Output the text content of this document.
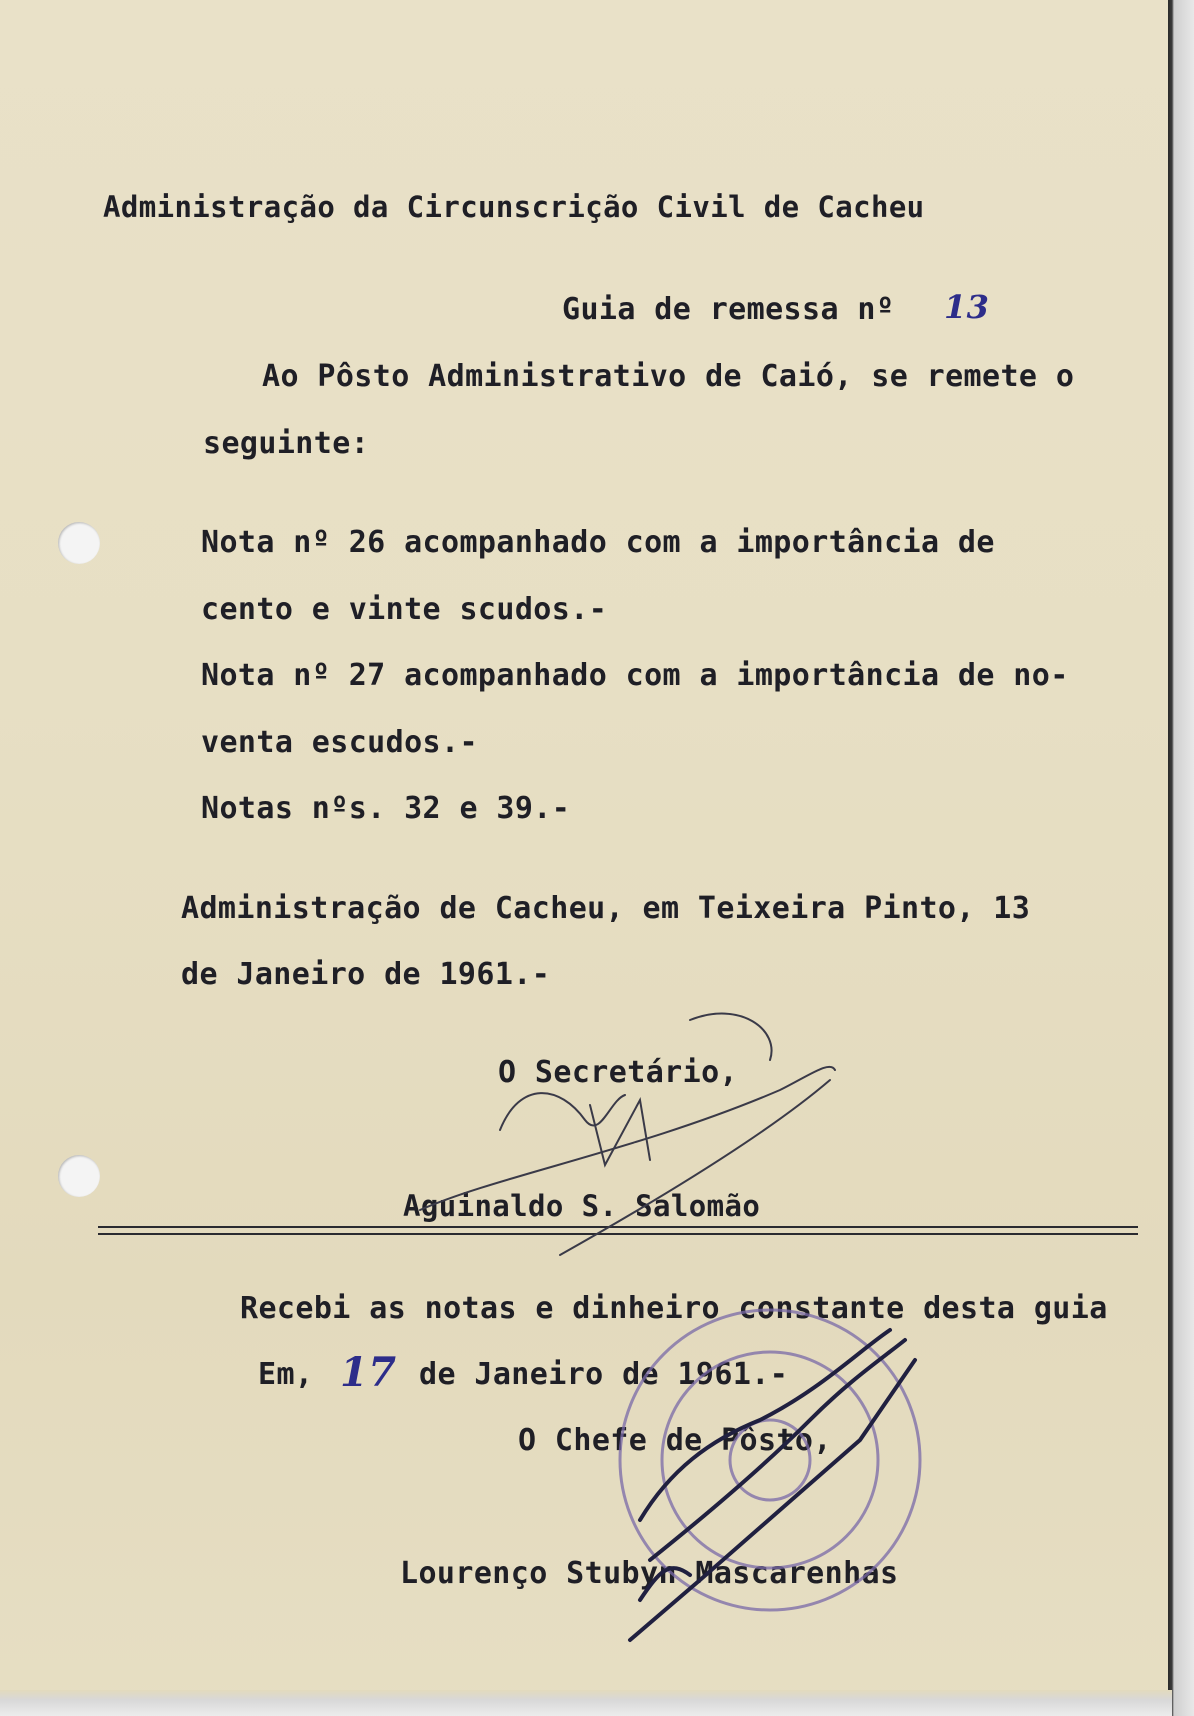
Administração da Circunscrição Civil de Cacheu
Guia de remessa nº 13
Ao Pôsto Administrativo de Caió, se remete o
seguinte:
Nota nº 26 acompanhado com a importância de
cento e vinte scudos.-
Nota nº 27 acompanhado com a importância de no-
venta escudos.-
Notas nºs. 32 e 39.-
Administração de Cacheu, em Teixeira Pinto, 13
de Janeiro de 1961.-
O Secretário,
Aguinaldo S. Salomão
Recebi as notas e dinheiro constante desta guia
Em, 17 de Janeiro de 1961.-
O Chefe de Pôsto,
Lourenço Stubyn Mascarenhas
